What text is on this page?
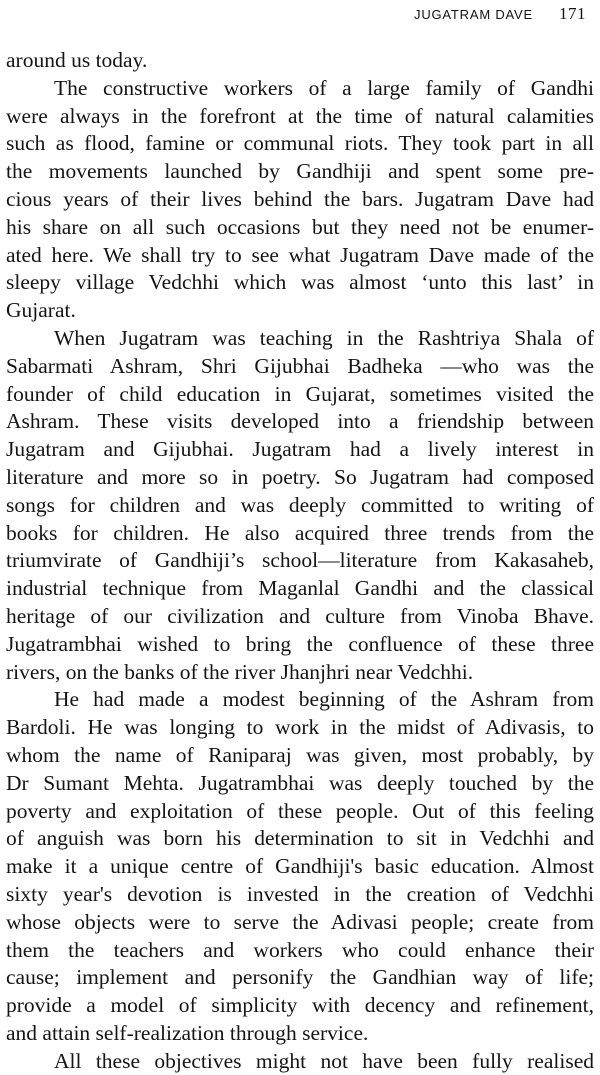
JUGATRAM DAVE 171
around us today.
The constructive workers of a large family of Gandhi
were always in the forefront at the time of natural calamities
such as flood, famine or communal riots. They took part in all
the movements launched by Gandhiji and spent some pre-
cious years of their lives behind the bars. Jugatram Dave had
his share on all such occasions but they need not be enumer-
ated here. We shall try to see what Jugatram Dave made of the
sleepy village Vedchhi which was almost ‘unto this last’ in
Gujarat.
When Jugatram was teaching in the Rashtriya Shala of
Sabarmati Ashram, Shri Gijubhai Badheka —who was the
founder of child education in Gujarat, sometimes visited the
Ashram. These visits developed into a friendship between
Jugatram and Gijubhai. Jugatram had a lively interest in
literature and more so in poetry. So Jugatram had composed
songs for children and was deeply committed to writing of
books for children. He also acquired three trends from the
triumvirate of Gandhiji’s school—literature from Kakasaheb,
industrial technique from Maganlal Gandhi and the classical
heritage of our civilization and culture from Vinoba Bhave.
Jugatrambhai wished to bring the confluence of these three
rivers, on the banks of the river Jhanjhri near Vedchhi.
He had made a modest beginning of the Ashram from
Bardoli. He was longing to work in the midst of Adivasis, to
whom the name of Raniparaj was given, most probably, by
Dr Sumant Mehta. Jugatrambhai was deeply touched by the
poverty and exploitation of these people. Out of this feeling
of anguish was born his determination to sit in Vedchhi and
make it a unique centre of Gandhiji's basic education. Almost
sixty year's devotion is invested in the creation of Vedchhi
whose objects were to serve the Adivasi people; create from
them the teachers and workers who could enhance their
cause; implement and personify the Gandhian way of life;
provide a model of simplicity with decency and refinement,
and attain self-realization through service.
All these objectives might not have been fully realised
